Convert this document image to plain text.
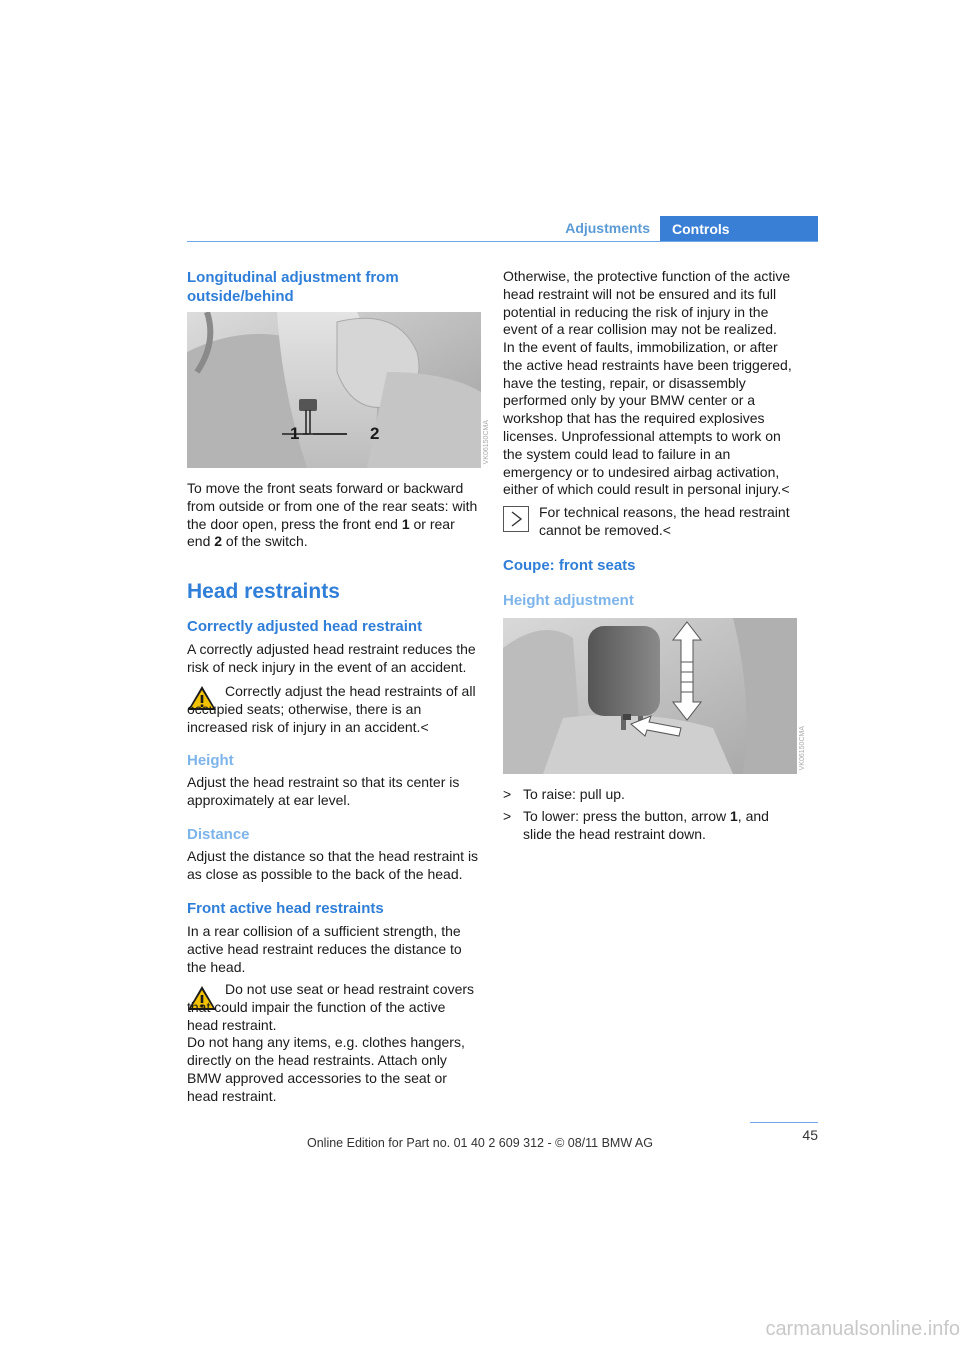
Adjustments	Controls
Longitudinal adjustment from outside/behind
1	2	VK06150CMA
To move the front seats forward or backward from outside or from one of the rear seats: with the door open, press the front end 1 or rear end 2 of the switch.
Head restraints
Correctly adjusted head restraint
A correctly adjusted head restraint reduces the risk of neck injury in the event of an accident.
Correctly adjust the head restraints of all occupied seats; otherwise, there is an increased risk of injury in an accident.<
Height
Adjust the head restraint so that its center is approximately at ear level.
Distance
Adjust the distance so that the head restraint is as close as possible to the back of the head.
Front active head restraints
In a rear collision of a sufficient strength, the active head restraint reduces the distance to the head.
Do not use seat or head restraint covers that could impair the function of the active head restraint.
Do not hang any items, e.g. clothes hangers, directly on the head restraints. Attach only BMW approved accessories to the seat or head restraint.
Otherwise, the protective function of the active head restraint will not be ensured and its full potential in reducing the risk of injury in the event of a rear collision may not be realized.
In the event of faults, immobilization, or after the active head restraints have been triggered, have the testing, repair, or disassembly performed only by your BMW center or a workshop that has the required explosives licenses. Unprofessional attempts to work on the system could lead to failure in an emergency or to undesired airbag activation, either of which could result in personal injury.<
For technical reasons, the head restraint cannot be removed.<
Coupe: front seats
Height adjustment
VK06150CMA
> To raise: pull up.
> To lower: press the button, arrow 1, and slide the head restraint down.
45
Online Edition for Part no. 01 40 2 609 312 - © 08/11 BMW AG
carmanualsonline.info
